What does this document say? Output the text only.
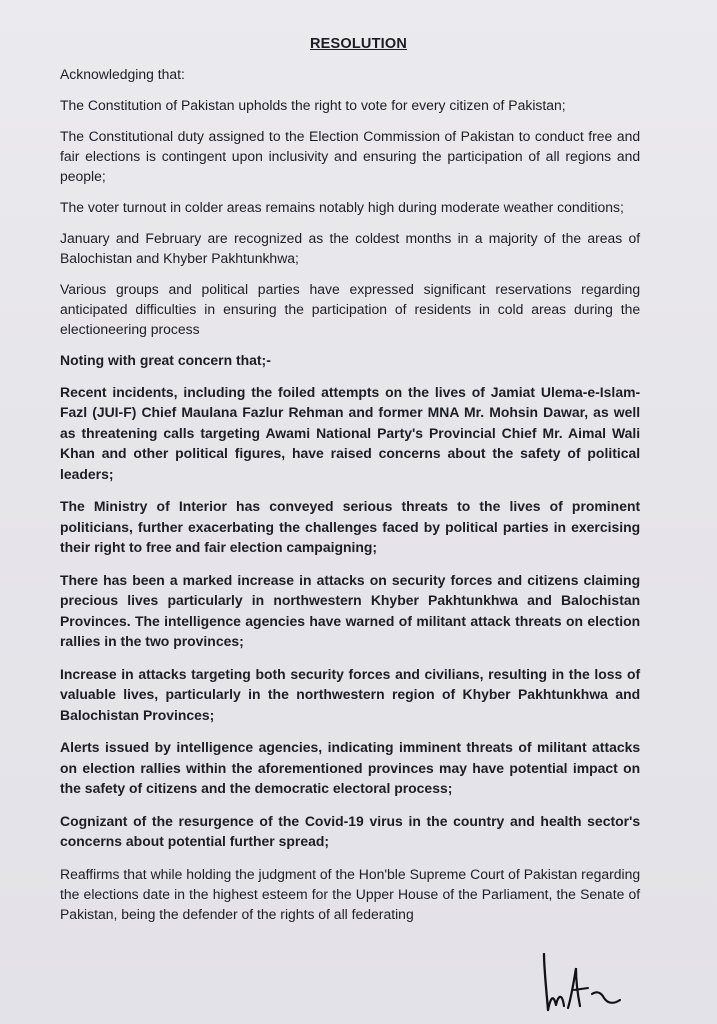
RESOLUTION

Acknowledging that:

The Constitution of Pakistan upholds the right to vote for every citizen of Pakistan;

The Constitutional duty assigned to the Election Commission of Pakistan to conduct free and fair elections is contingent upon inclusivity and ensuring the participation of all regions and people;

The voter turnout in colder areas remains notably high during moderate weather conditions;

January and February are recognized as the coldest months in a majority of the areas of Balochistan and Khyber Pakhtunkhwa;

Various groups and political parties have expressed significant reservations regarding anticipated difficulties in ensuring the participation of residents in cold areas during the electioneering process

Noting with great concern that;-

Recent incidents, including the foiled attempts on the lives of Jamiat Ulema-e-Islam-Fazl (JUI-F) Chief Maulana Fazlur Rehman and former MNA Mr. Mohsin Dawar, as well as threatening calls targeting Awami National Party's Provincial Chief Mr. Aimal Wali Khan and other political figures, have raised concerns about the safety of political leaders;

The Ministry of Interior has conveyed serious threats to the lives of prominent politicians, further exacerbating the challenges faced by political parties in exercising their right to free and fair election campaigning;

There has been a marked increase in attacks on security forces and citizens claiming precious lives particularly in northwestern Khyber Pakhtunkhwa and Balochistan Provinces. The intelligence agencies have warned of militant attack threats on election rallies in the two provinces;

Increase in attacks targeting both security forces and civilians, resulting in the loss of valuable lives, particularly in the northwestern region of Khyber Pakhtunkhwa and Balochistan Provinces;

Alerts issued by intelligence agencies, indicating imminent threats of militant attacks on election rallies within the aforementioned provinces may have potential impact on the safety of citizens and the democratic electoral process;

Cognizant of the resurgence of the Covid-19 virus in the country and health sector's concerns about potential further spread;

Reaffirms that while holding the judgment of the Hon'ble Supreme Court of Pakistan regarding the elections date in the highest esteem for the Upper House of the Parliament, the Senate of Pakistan, being the defender of the rights of all federating
